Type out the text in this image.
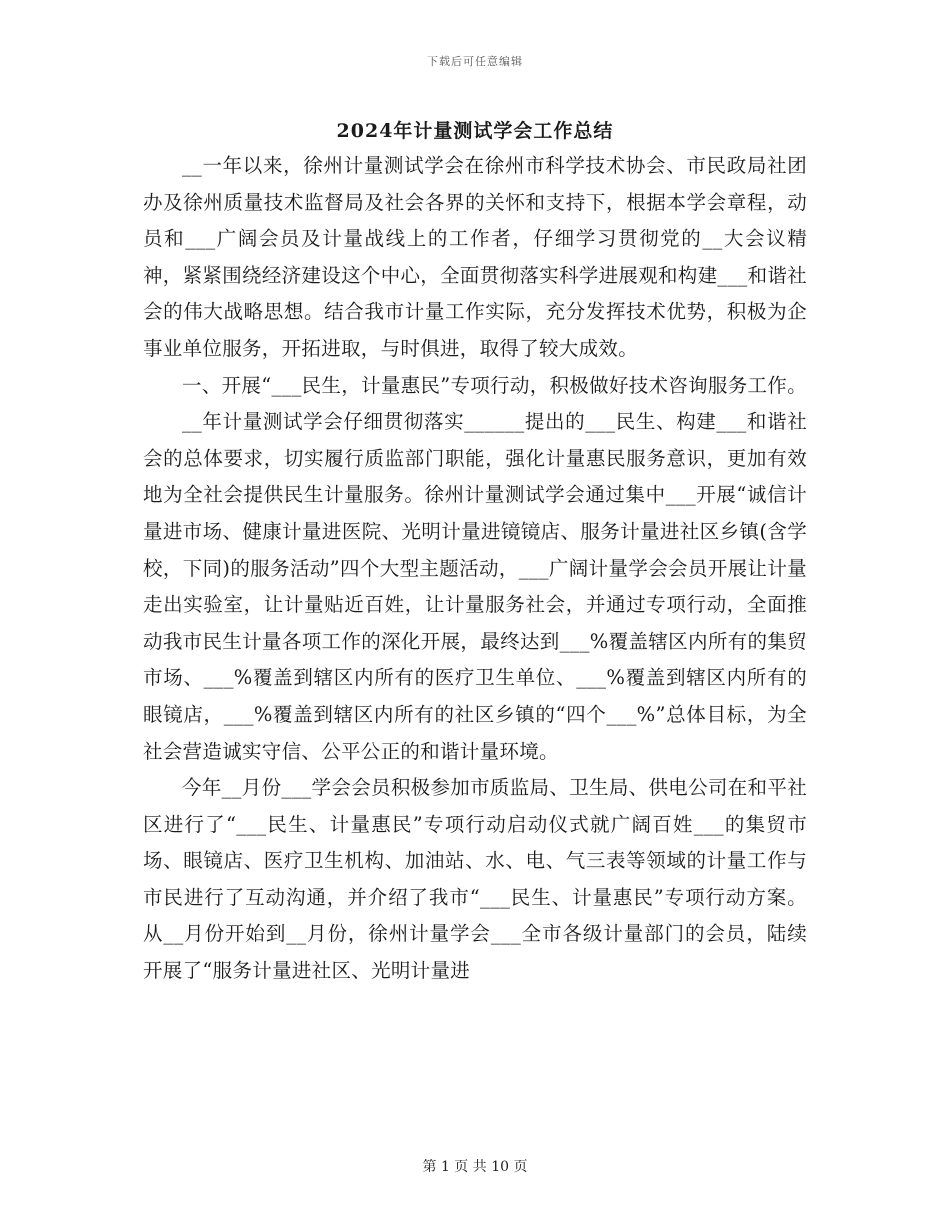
下载后可任意编辑
2024年计量测试学会工作总结

__一年以来，徐州计量测试学会在徐州市科学技术协会、市民政局社团办及徐州质量技术监督局及社会各界的关怀和支持下，根据本学会章程，动员和___广阔会员及计量战线上的工作者，仔细学习贯彻党的__大会议精神，紧紧围绕经济建设这个中心，全面贯彻落实科学进展观和构建___和谐社会的伟大战略思想。结合我市计量工作实际，充分发挥技术优势，积极为企事业单位服务，开拓进取，与时俱进，取得了较大成效。

一、开展“___民生，计量惠民”专项行动，积极做好技术咨询服务工作。

__年计量测试学会仔细贯彻落实______提出的___民生、构建___和谐社会的总体要求，切实履行质监部门职能，强化计量惠民服务意识，更加有效地为全社会提供民生计量服务。徐州计量测试学会通过集中___开展“诚信计量进市场、健康计量进医院、光明计量进镜镜店、服务计量进社区乡镇(含学校，下同)的服务活动”四个大型主题活动，___广阔计量学会会员开展让计量走出实验室，让计量贴近百姓，让计量服务社会，并通过专项行动，全面推动我市民生计量各项工作的深化开展，最终达到___%覆盖辖区内所有的集贸市场、___%覆盖到辖区内所有的医疗卫生单位、___%覆盖到辖区内所有的眼镜店，___%覆盖到辖区内所有的社区乡镇的“四个___%”总体目标，为全社会营造诚实守信、公平公正的和谐计量环境。

今年__月份___学会会员积极参加市质监局、卫生局、供电公司在和平社区进行了“___民生、计量惠民”专项行动启动仪式就广阔百姓___的集贸市场、眼镜店、医疗卫生机构、加油站、水、电、气三表等领域的计量工作与市民进行了互动沟通，并介绍了我市“___民生、计量惠民”专项行动方案。从__月份开始到__月份，徐州计量学会___全市各级计量部门的会员，陆续开展了“服务计量进社区、光明计量进

第 1 页 共 10 页
